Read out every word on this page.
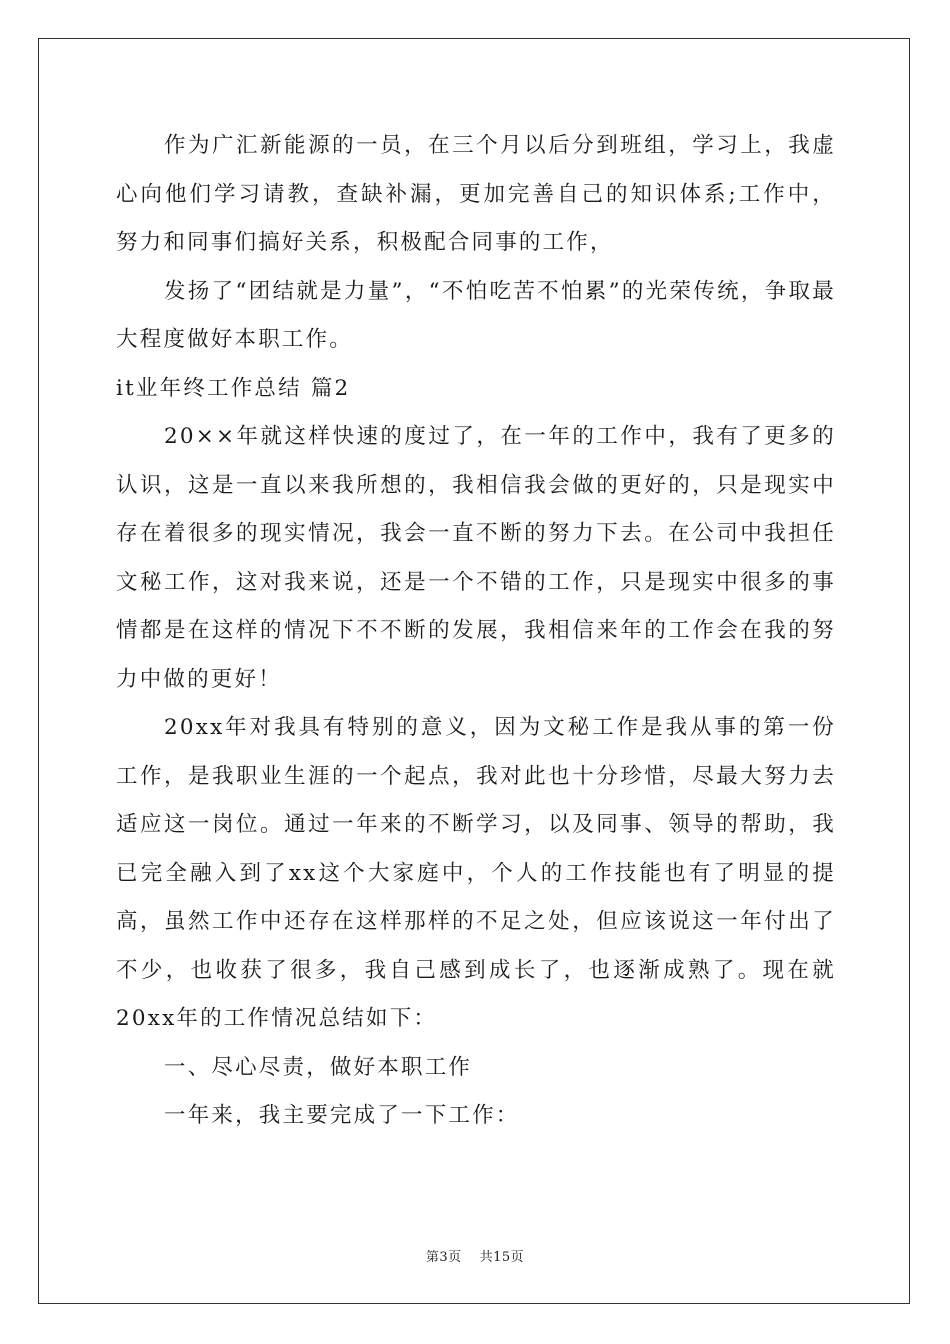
作为广汇新能源的一员，在三个月以后分到班组，学习上，我虚心向他们学习请教，查缺补漏，更加完善自己的知识体系;工作中，努力和同事们搞好关系，积极配合同事的工作，

发扬了“团结就是力量”，“不怕吃苦不怕累”的光荣传统，争取最大程度做好本职工作。

it业年终工作总结 篇2

20××年就这样快速的度过了，在一年的工作中，我有了更多的认识，这是一直以来我所想的，我相信我会做的更好的，只是现实中存在着很多的现实情况，我会一直不断的努力下去。在公司中我担任文秘工作，这对我来说，还是一个不错的工作，只是现实中很多的事情都是在这样的情况下不不断的发展，我相信来年的工作会在我的努力中做的更好！

20xx年对我具有特别的意义，因为文秘工作是我从事的第一份工作，是我职业生涯的一个起点，我对此也十分珍惜，尽最大努力去适应这一岗位。通过一年来的不断学习，以及同事、领导的帮助，我已完全融入到了xx这个大家庭中，个人的工作技能也有了明显的提高，虽然工作中还存在这样那样的不足之处，但应该说这一年付出了不少，也收获了很多，我自己感到成长了，也逐渐成熟了。现在就20xx年的工作情况总结如下：

一、尽心尽责，做好本职工作

一年来，我主要完成了一下工作：

第3页 共15页
